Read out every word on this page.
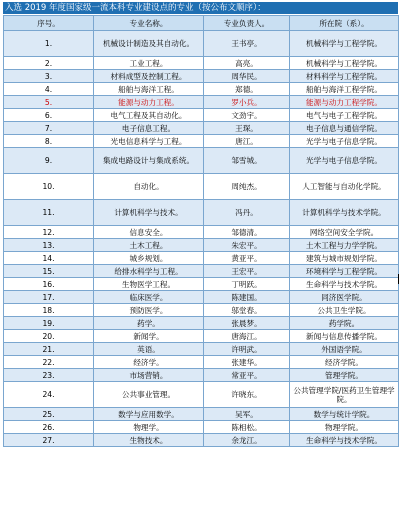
入选 2019 年度国家级一流本科专业建设点的专业（按公布文顺序）：
序号。	专业名称。	专业负责人。	所在院（系）。
1.	机械设计制造及其自动化。	王书亭。	机械科学与工程学院。
2.	工业工程。	高亮。	机械科学与工程学院。
3.	材料成型及控制工程。	周华民。	材料科学与工程学院。
4.	船舶与海洋工程。	郑德。	船舶与海洋工程学院。
5.	能源与动力工程。	罗小兵。	能源与动力工程学院。
6.	电气工程及其自动化。	文劲宇。	电气与电子工程学院。
7.	电子信息工程。	王琛。	电子信息与通信学院。
8.	光电信息科学与工程。	唐江。	光学与电子信息学院。
9.	集成电路设计与集成系统。	邹雪城。	光学与电子信息学院。
10.	自动化。	周纯杰。	人工智能与自动化学院。
11.	计算机科学与技术。	冯丹。	计算机科学与技术学院。
12.	信息安全。	邹德清。	网络空间安全学院。
13.	土木工程。	朱宏平。	土木工程与力学学院。
14.	城乡规划。	黄亚平。	建筑与城市规划学院。
15.	给排水科学与工程。	王宏平。	环境科学与工程学院。
16.	生物医学工程。	丁明跃。	生命科学与技术学院。
17.	临床医学。	陈建国。	同济医学院。
18.	预防医学。	邬堂春。	公共卫生学院。
19.	药学。	张晨梦。	药学院。
20.	新闻学。	唐海江。	新闻与信息传播学院。
21.	英语。	许明武。	外国语学院。
22.	经济学。	张建华。	经济学院。
23.	市场营销。	常亚平。	管理学院。
24.	公共事业管理。	许晓东。	公共管理学院/医药卫生管理学院。
25.	数学与应用数学。	吴军。	数学与统计学院。
26.	物理学。	陈相松。	物理学院。
27.	生物技术。	余龙江。	生命科学与技术学院。
